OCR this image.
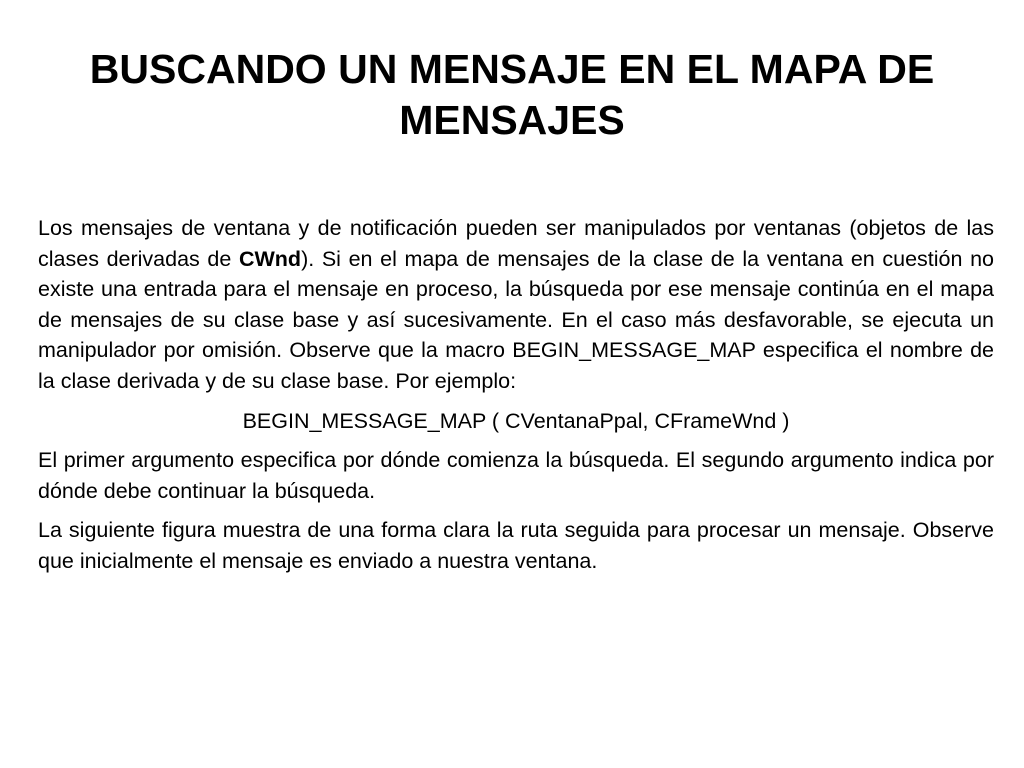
BUSCANDO UN MENSAJE EN EL MAPA DE MENSAJES

Los mensajes de ventana y de notificación pueden ser manipulados por ventanas (objetos de las clases derivadas de CWnd). Si en el mapa de mensajes de la clase de la ventana en cuestión no existe una entrada para el mensaje en proceso, la búsqueda por ese mensaje continúa en el mapa de mensajes de su clase base y así sucesivamente. En el caso más desfavorable, se ejecuta un manipulador por omisión. Observe que la macro BEGIN_MESSAGE_MAP especifica el nombre de la clase derivada y de su clase base. Por ejemplo:

BEGIN_MESSAGE_MAP ( CVentanaPpal, CFrameWnd )

El primer argumento especifica por dónde comienza la búsqueda. El segundo argumento indica por dónde debe continuar la búsqueda.

La siguiente figura muestra de una forma clara la ruta seguida para procesar un mensaje. Observe que inicialmente el mensaje es enviado a nuestra ventana.
